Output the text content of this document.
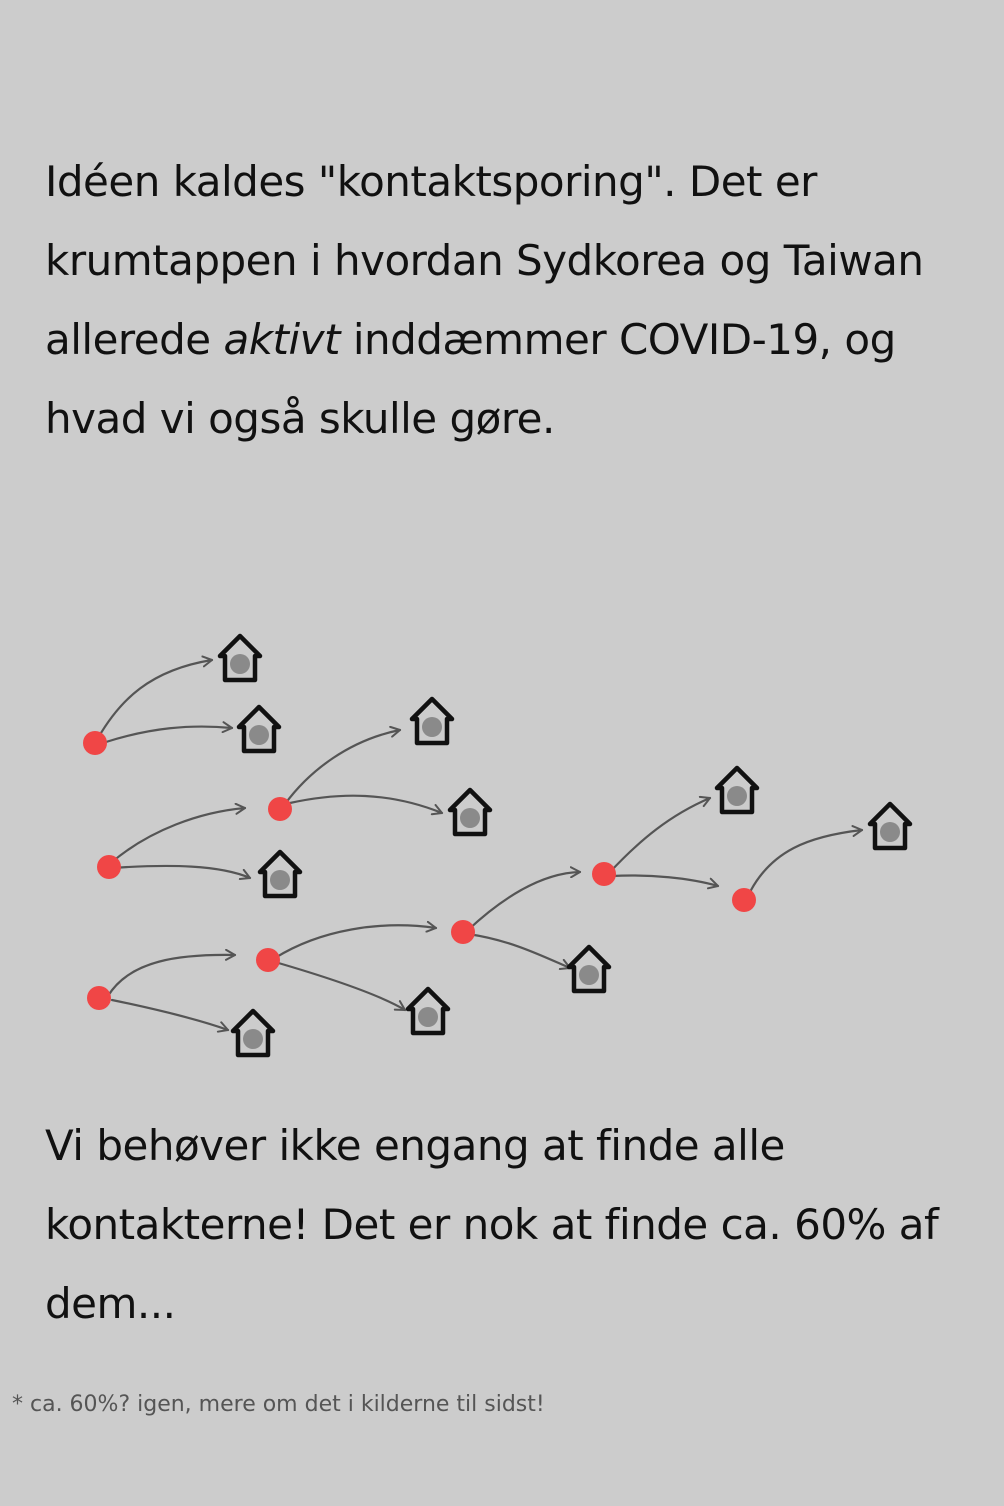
Idéen kaldes "kontaktsporing". Det er krumtappen i hvordan Sydkorea og Taiwan allerede aktivt inddæmmer COVID-19, og hvad vi også skulle gøre.

Vi behøver ikke engang at finde alle kontakterne! Det er nok at finde ca. 60% af dem...

* ca. 60%? igen, mere om det i kilderne til sidst!
